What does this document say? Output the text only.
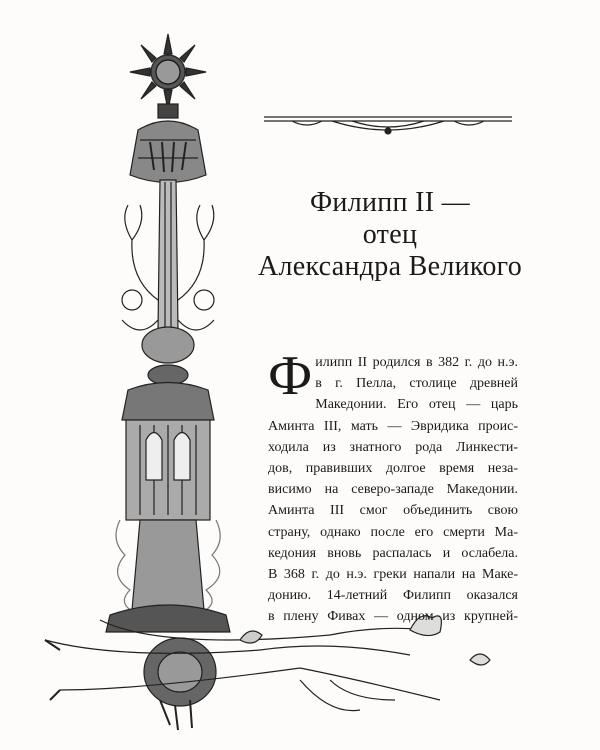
Филипп II —
отец
Александра Великого
Ф илипп II родился в 382 г. до н.э.
в г. Пелла, столице древней
Македонии. Его отец — царь
Аминта III, мать — Эвридика проис-
ходила из знатного рода Линкести-
дов, правивших долгое время неза-
висимо на северо-западе Македонии.
Аминта III смог объединить свою
страну, однако после его смерти Ма-
кедония вновь распалась и ослабела.
В 368 г. до н.э. греки напали на Маке-
донию. 14-летний Филипп оказался
в плену Фивах — одном из крупней-
